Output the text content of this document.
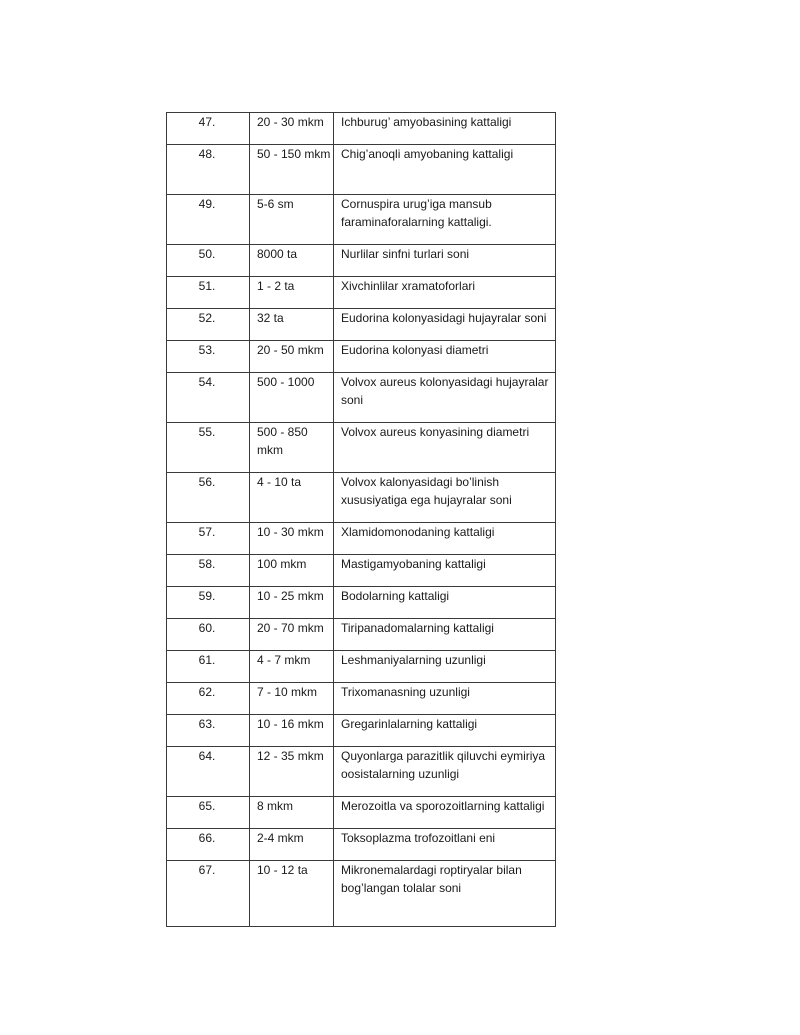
47.	20 - 30 mkm	Ichburug’ amyobasining kattaligi
48.	50 - 150 mkm	Chig’anoqli amyobaning kattaligi
49.	5-6 sm	Cornuspira urug’iga mansub faraminaforalarning kattaligi.
50.	8000 ta	Nurlilar sinfni turlari soni
51.	1 - 2 ta	Xivchinlilar xramatoforlari
52.	32 ta	Eudorina kolonyasidagi hujayralar soni
53.	20 - 50 mkm	Eudorina kolonyasi diametri
54.	500 - 1000	Volvox aureus kolonyasidagi hujayralar soni
55.	500 - 850 mkm	Volvox aureus konyasining diametri
56.	4 - 10 ta	Volvox kalonyasidagi bo’linish xususiyatiga ega hujayralar soni
57.	10 - 30 mkm	Xlamidomonodaning kattaligi
58.	100 mkm	Mastigamyobaning kattaligi
59.	10 - 25 mkm	Bodolarning kattaligi
60.	20 - 70 mkm	Tiripanadomalarning kattaligi
61.	4 - 7 mkm	Leshmaniyalarning uzunligi
62.	7 - 10 mkm	Trixomanasning uzunligi
63.	10 - 16 mkm	Gregarinlalarning kattaligi
64.	12 - 35 mkm	Quyonlarga parazitlik qiluvchi eymiriya oosistalarning uzunligi
65.	8 mkm	Merozoitla va sporozoitlarning kattaligi
66.	2-4 mkm	Toksoplazma trofozoitlani eni
67.	10 - 12 ta	Mikronemalardagi roptiryalar bilan bog’langan tolalar soni
